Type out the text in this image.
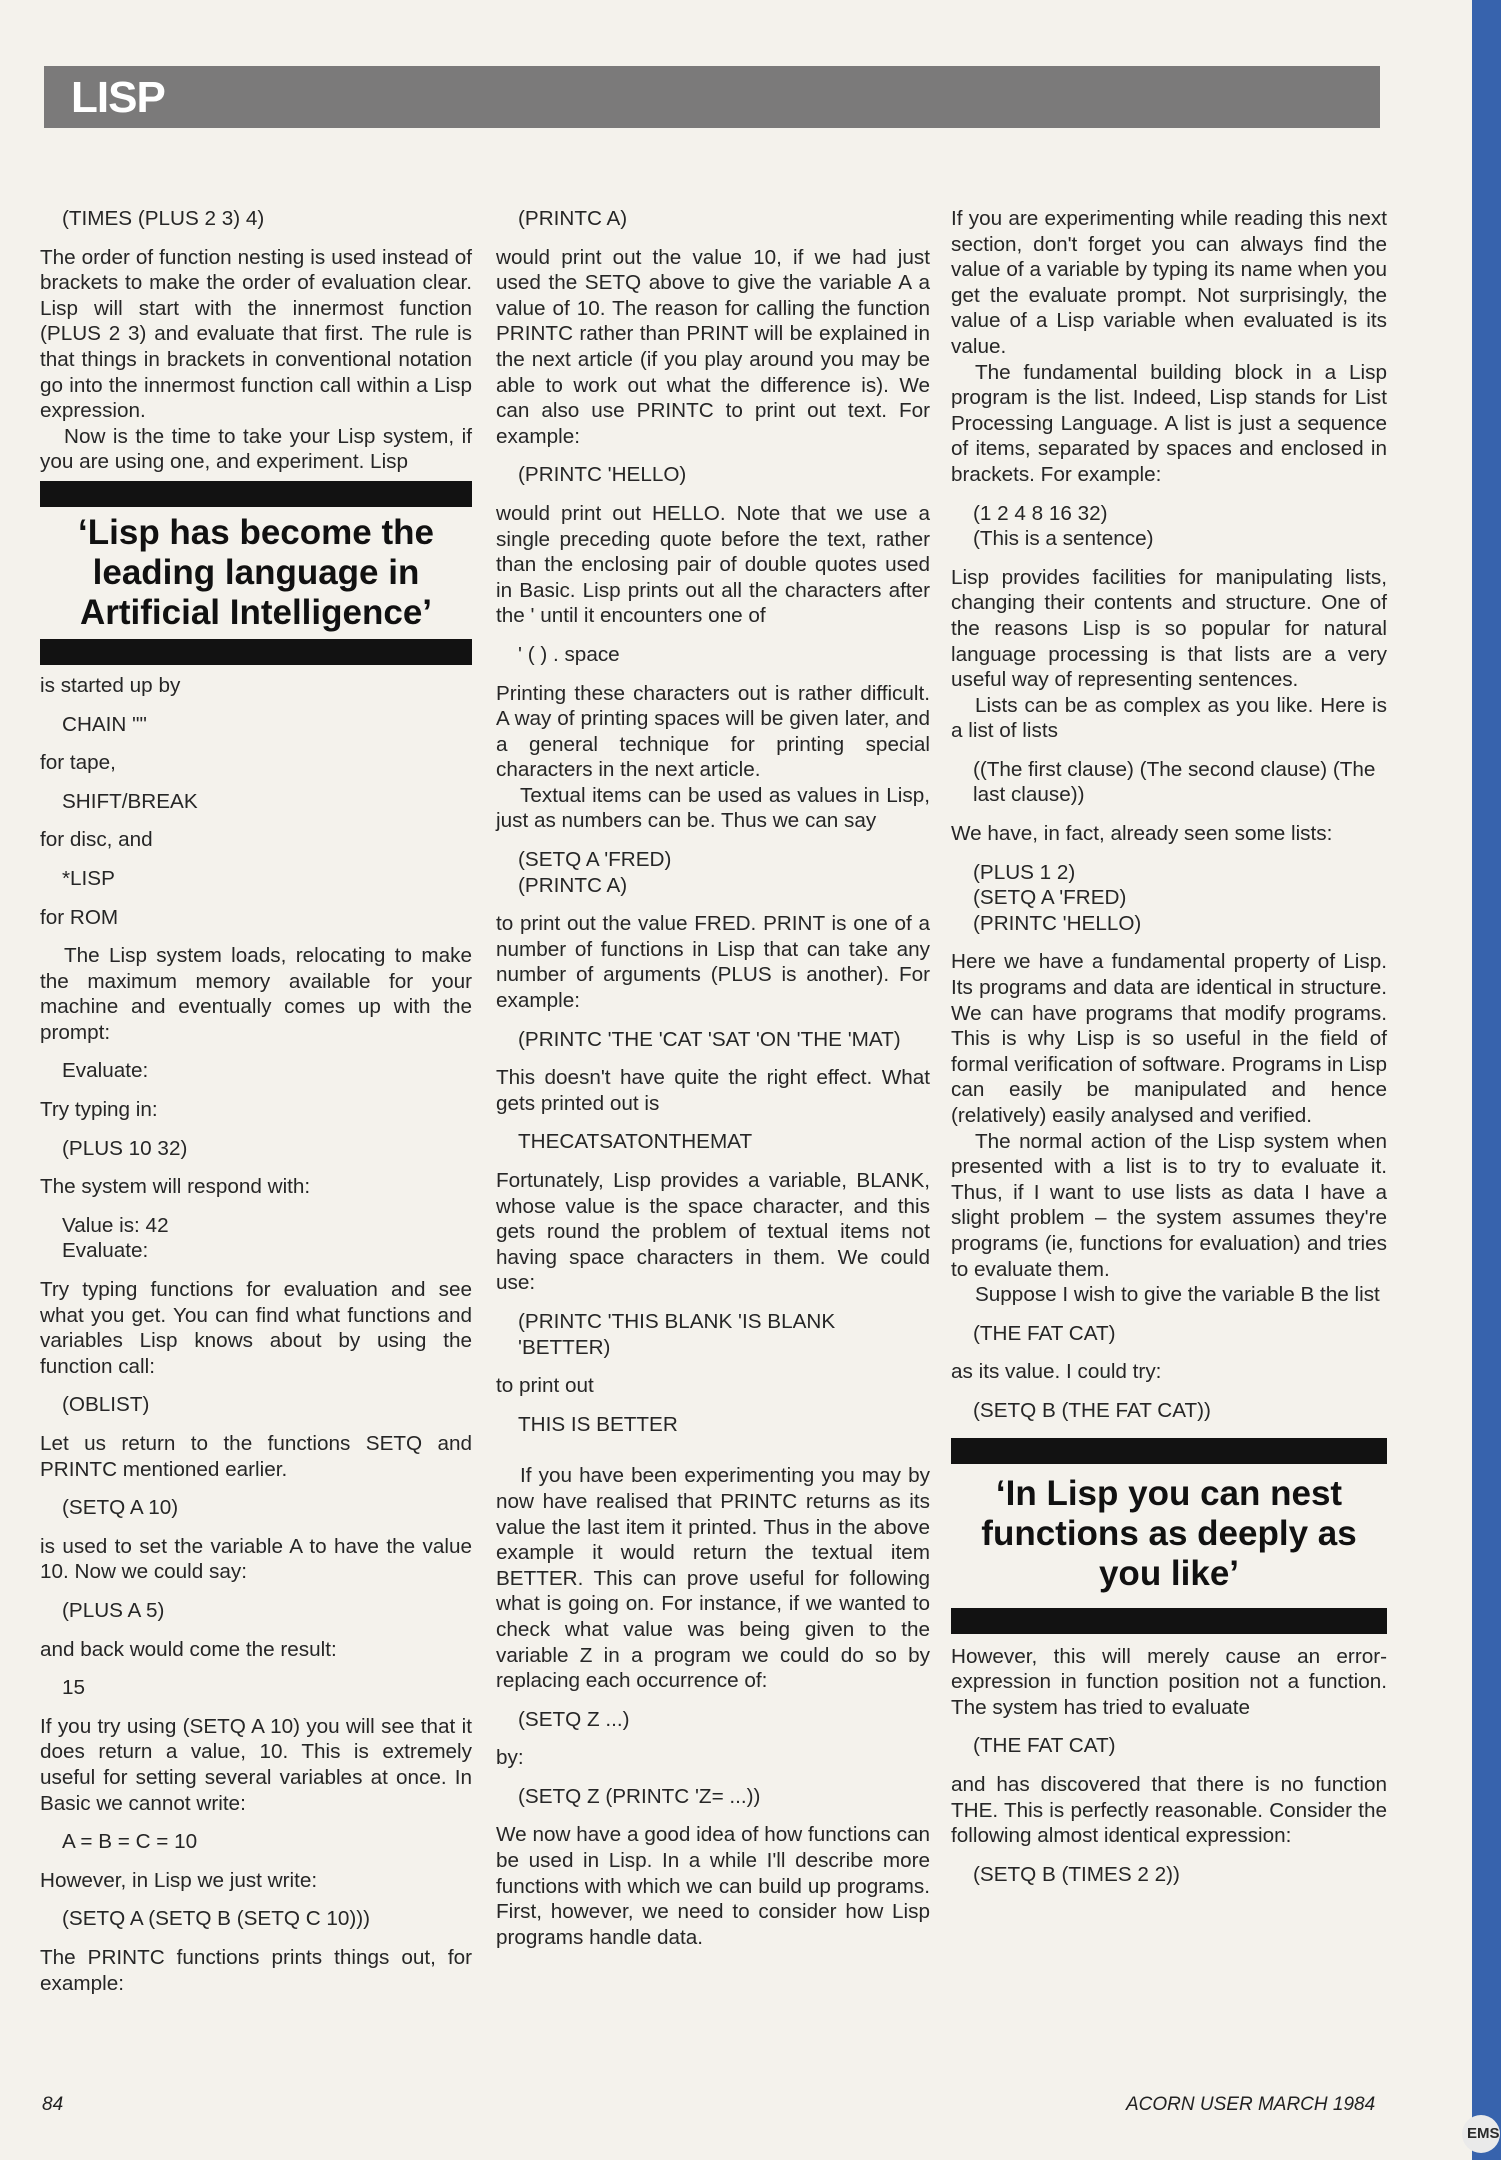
EMS
LISP
(TIMES (PLUS 2 3) 4)

The order of function nesting is used instead of brackets to make the order of evaluation clear. Lisp will start with the innermost function (PLUS 2 3) and evaluate that first. The rule is that things in brackets in conventional notation go into the innermost function call within a Lisp expression.

Now is the time to take your Lisp system, if you are using one, and experiment. Lisp

‘Lisp has become the leading language in Artificial Intelligence’

is started up by

CHAIN ""

for tape,

SHIFT/BREAK

for disc, and

*LISP

for ROM

The Lisp system loads, relocating to make the maximum memory available for your machine and eventually comes up with the prompt:

Evaluate:

Try typing in:

(PLUS 10 32)

The system will respond with:

Value is: 42
Evaluate:

Try typing functions for evaluation and see what you get. You can find what functions and variables Lisp knows about by using the function call:

(OBLIST)

Let us return to the functions SETQ and PRINTC mentioned earlier.

(SETQ A 10)

is used to set the variable A to have the value 10. Now we could say:

(PLUS A 5)

and back would come the result:

15

If you try using (SETQ A 10) you will see that it does return a value, 10. This is extremely useful for setting several variables at once. In Basic we cannot write:

A = B = C = 10

However, in Lisp we just write:

(SETQ A (SETQ B (SETQ C 10)))

The PRINTC functions prints things out, for example:

(PRINTC A)

would print out the value 10, if we had just used the SETQ above to give the variable A a value of 10. The reason for calling the function PRINTC rather than PRINT will be explained in the next article (if you play around you may be able to work out what the difference is). We can also use PRINTC to print out text. For example:

(PRINTC 'HELLO)

would print out HELLO. Note that we use a single preceding quote before the text, rather than the enclosing pair of double quotes used in Basic. Lisp prints out all the characters after the ' until it encounters one of

' ( ) . space

Printing these characters out is rather difficult. A way of printing spaces will be given later, and a general technique for printing special characters in the next article.

Textual items can be used as values in Lisp, just as numbers can be. Thus we can say

(SETQ A 'FRED)
(PRINTC A)

to print out the value FRED. PRINT is one of a number of functions in Lisp that can take any number of arguments (PLUS is another). For example:

(PRINTC 'THE 'CAT 'SAT 'ON 'THE 'MAT)

This doesn't have quite the right effect. What gets printed out is

THECATSATONTHEMAT

Fortunately, Lisp provides a variable, BLANK, whose value is the space character, and this gets round the problem of textual items not having space characters in them. We could use:

(PRINTC 'THIS BLANK 'IS BLANK 'BETTER)

to print out

THIS IS BETTER

If you have been experimenting you may by now have realised that PRINTC returns as its value the last item it printed. Thus in the above example it would return the textual item BETTER. This can prove useful for following what is going on. For instance, if we wanted to check what value was being given to the variable Z in a program we could do so by replacing each occurrence of:

(SETQ Z ...)

by:

(SETQ Z (PRINTC 'Z= ...))

We now have a good idea of how functions can be used in Lisp. In a while I'll describe more functions with which we can build up programs. First, however, we need to consider how Lisp programs handle data.

If you are experimenting while reading this next section, don't forget you can always find the value of a variable by typing its name when you get the evaluate prompt. Not surprisingly, the value of a Lisp variable when evaluated is its value.

The fundamental building block in a Lisp program is the list. Indeed, Lisp stands for List Processing Language. A list is just a sequence of items, separated by spaces and enclosed in brackets. For example:

(1 2 4 8 16 32)
(This is a sentence)

Lisp provides facilities for manipulating lists, changing their contents and structure. One of the reasons Lisp is so popular for natural language processing is that lists are a very useful way of representing sentences.

Lists can be as complex as you like. Here is a list of lists

((The first clause) (The second clause) (The last clause))

We have, in fact, already seen some lists:

(PLUS 1 2)
(SETQ A 'FRED)
(PRINTC 'HELLO)

Here we have a fundamental property of Lisp. Its programs and data are identical in structure. We can have programs that modify programs. This is why Lisp is so useful in the field of formal verification of software. Programs in Lisp can easily be manipulated and hence (relatively) easily analysed and verified.

The normal action of the Lisp system when presented with a list is to try to evaluate it. Thus, if I want to use lists as data I have a slight problem – the system assumes they're programs (ie, functions for evaluation) and tries to evaluate them.

Suppose I wish to give the variable B the list

(THE FAT CAT)

as its value. I could try:

(SETQ B (THE FAT CAT))
‘In Lisp you can nest functions as deeply as you like’

However, this will merely cause an error-expression in function position not a function. The system has tried to evaluate

(THE FAT CAT)

and has discovered that there is no function THE. This is perfectly reasonable. Consider the following almost identical expression:

(SETQ B (TIMES 2 2))
84	ACORN USER MARCH 1984
